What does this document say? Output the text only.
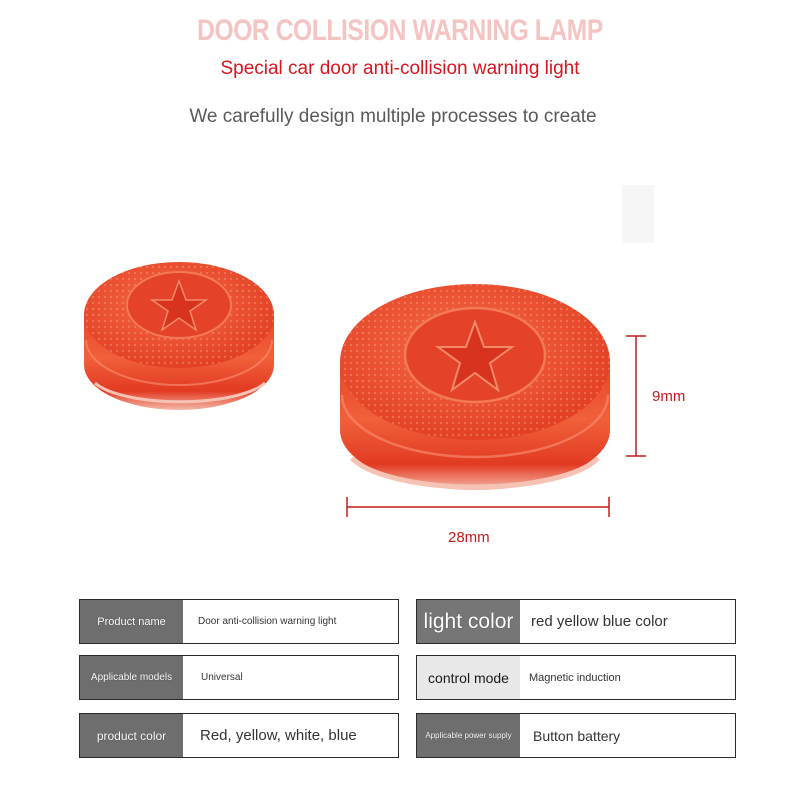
DOOR COLLISION WARNING LAMP
Special car door anti-collision warning light
We carefully design multiple processes to create
9mm
28mm
Product name	Door anti-collision warning light	light color	red yellow blue color
Applicable models	Universal	control mode	Magnetic induction
product color	Red, yellow, white, blue	Applicable power supply	Button battery
